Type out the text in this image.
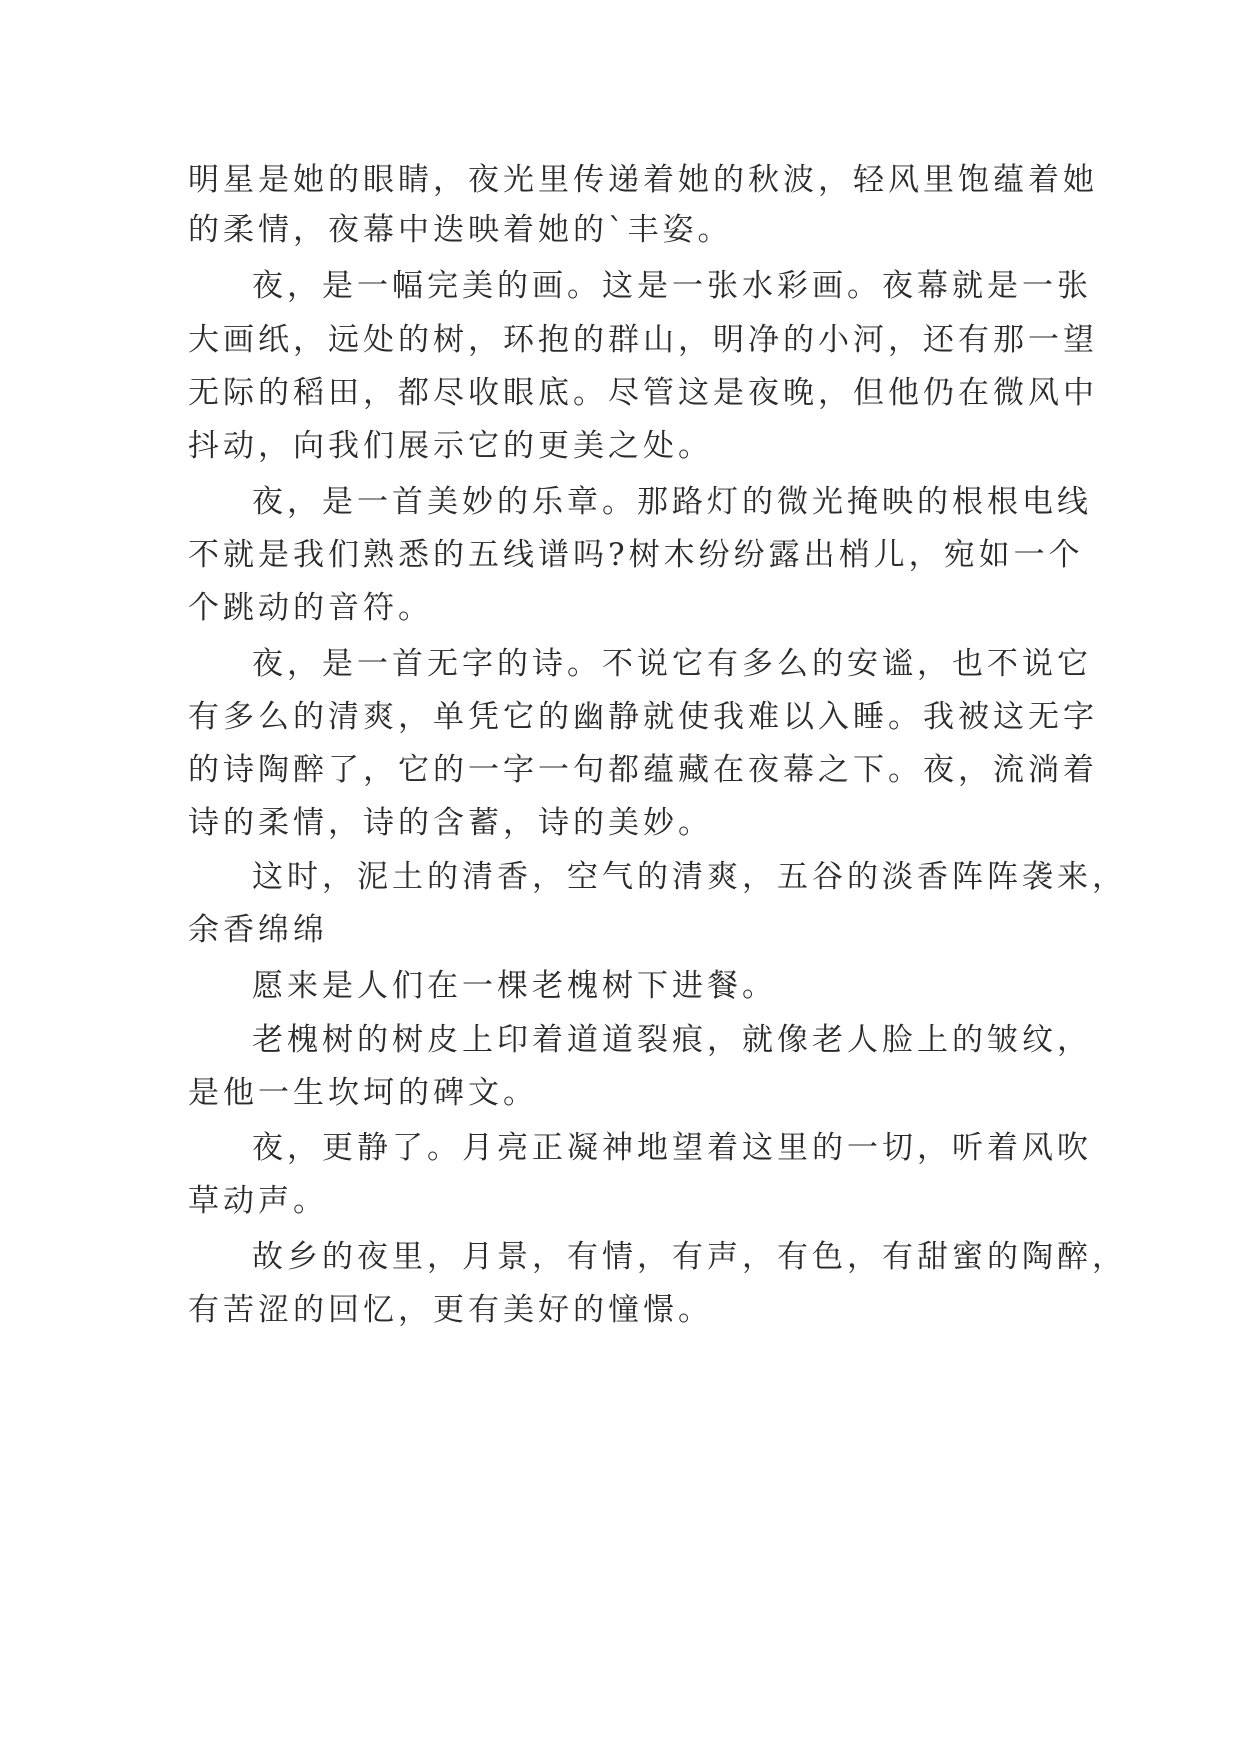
明星是她的眼睛，夜光里传递着她的秋波，轻风里饱蕴着她
的柔情，夜幕中迭映着她的`丰姿。
夜，是一幅完美的画。这是一张水彩画。夜幕就是一张
大画纸，远处的树，环抱的群山，明净的小河，还有那一望
无际的稻田，都尽收眼底。尽管这是夜晚，但他仍在微风中
抖动，向我们展示它的更美之处。
夜，是一首美妙的乐章。那路灯的微光掩映的根根电线
不就是我们熟悉的五线谱吗?树木纷纷露出梢儿，宛如一个
个跳动的音符。
夜，是一首无字的诗。不说它有多么的安谧，也不说它
有多么的清爽，单凭它的幽静就使我难以入睡。我被这无字
的诗陶醉了，它的一字一句都蕴藏在夜幕之下。夜，流淌着
诗的柔情，诗的含蓄，诗的美妙。
这时，泥土的清香，空气的清爽，五谷的淡香阵阵袭来，
余香绵绵
愿来是人们在一棵老槐树下进餐。
老槐树的树皮上印着道道裂痕，就像老人脸上的皱纹，
是他一生坎坷的碑文。
夜，更静了。月亮正凝神地望着这里的一切，听着风吹
草动声。
故乡的夜里，月景，有情，有声，有色，有甜蜜的陶醉，
有苦涩的回忆，更有美好的憧憬。
